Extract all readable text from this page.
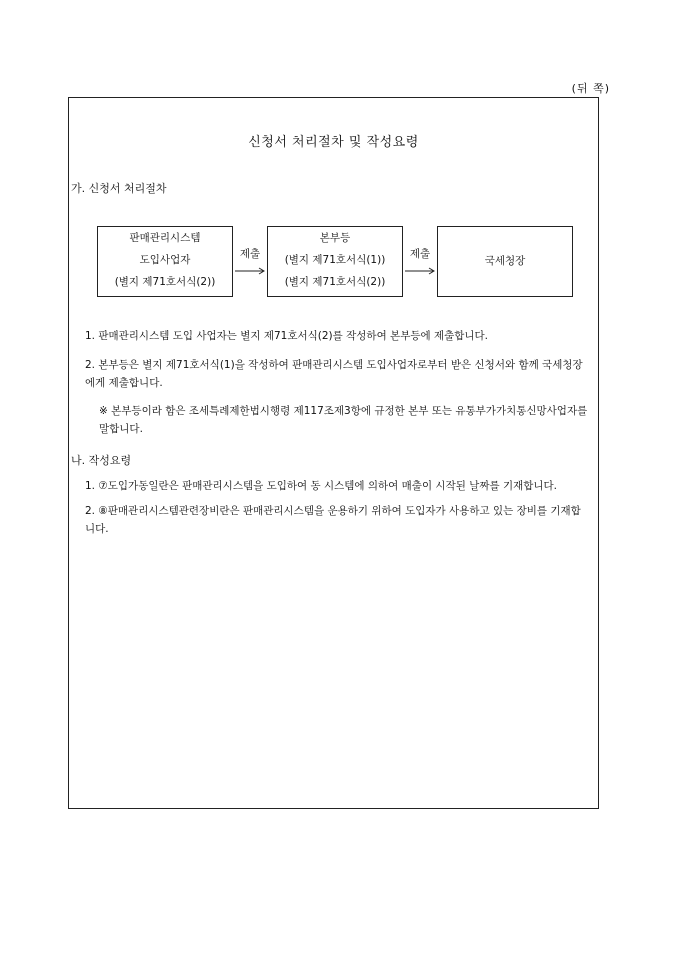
(뒤 쪽)
신청서 처리절차 및 작성요령
가. 신청서 처리절차
판매관리시스템
도입사업자
(별지 제71호서식(2))
제출
본부등
(별지 제71호서식(1))
(별지 제71호서식(2))
제출
국세청장
1. 판매관리시스템 도입 사업자는 별지 제71호서식(2)를 작성하여 본부등에 제출합니다.
2. 본부등은 별지 제71호서식(1)을 작성하여 판매관리시스템 도입사업자로부터 받은 신청서와 함께 국세청장에게 제출합니다.
※ 본부등이라 함은 조세특례제한법시행령 제117조제3항에 규정한 본부 또는 유통부가가치통신망사업자를 말합니다.
나. 작성요령
1. ⑦도입가동일란은 판매관리시스템을 도입하여 동 시스템에 의하여 매출이 시작된 날짜를 기재합니다.
2. ⑧판매관리시스템관련장비란은 판매관리시스템을 운용하기 위하여 도입자가 사용하고 있는 장비를 기재합니다.
